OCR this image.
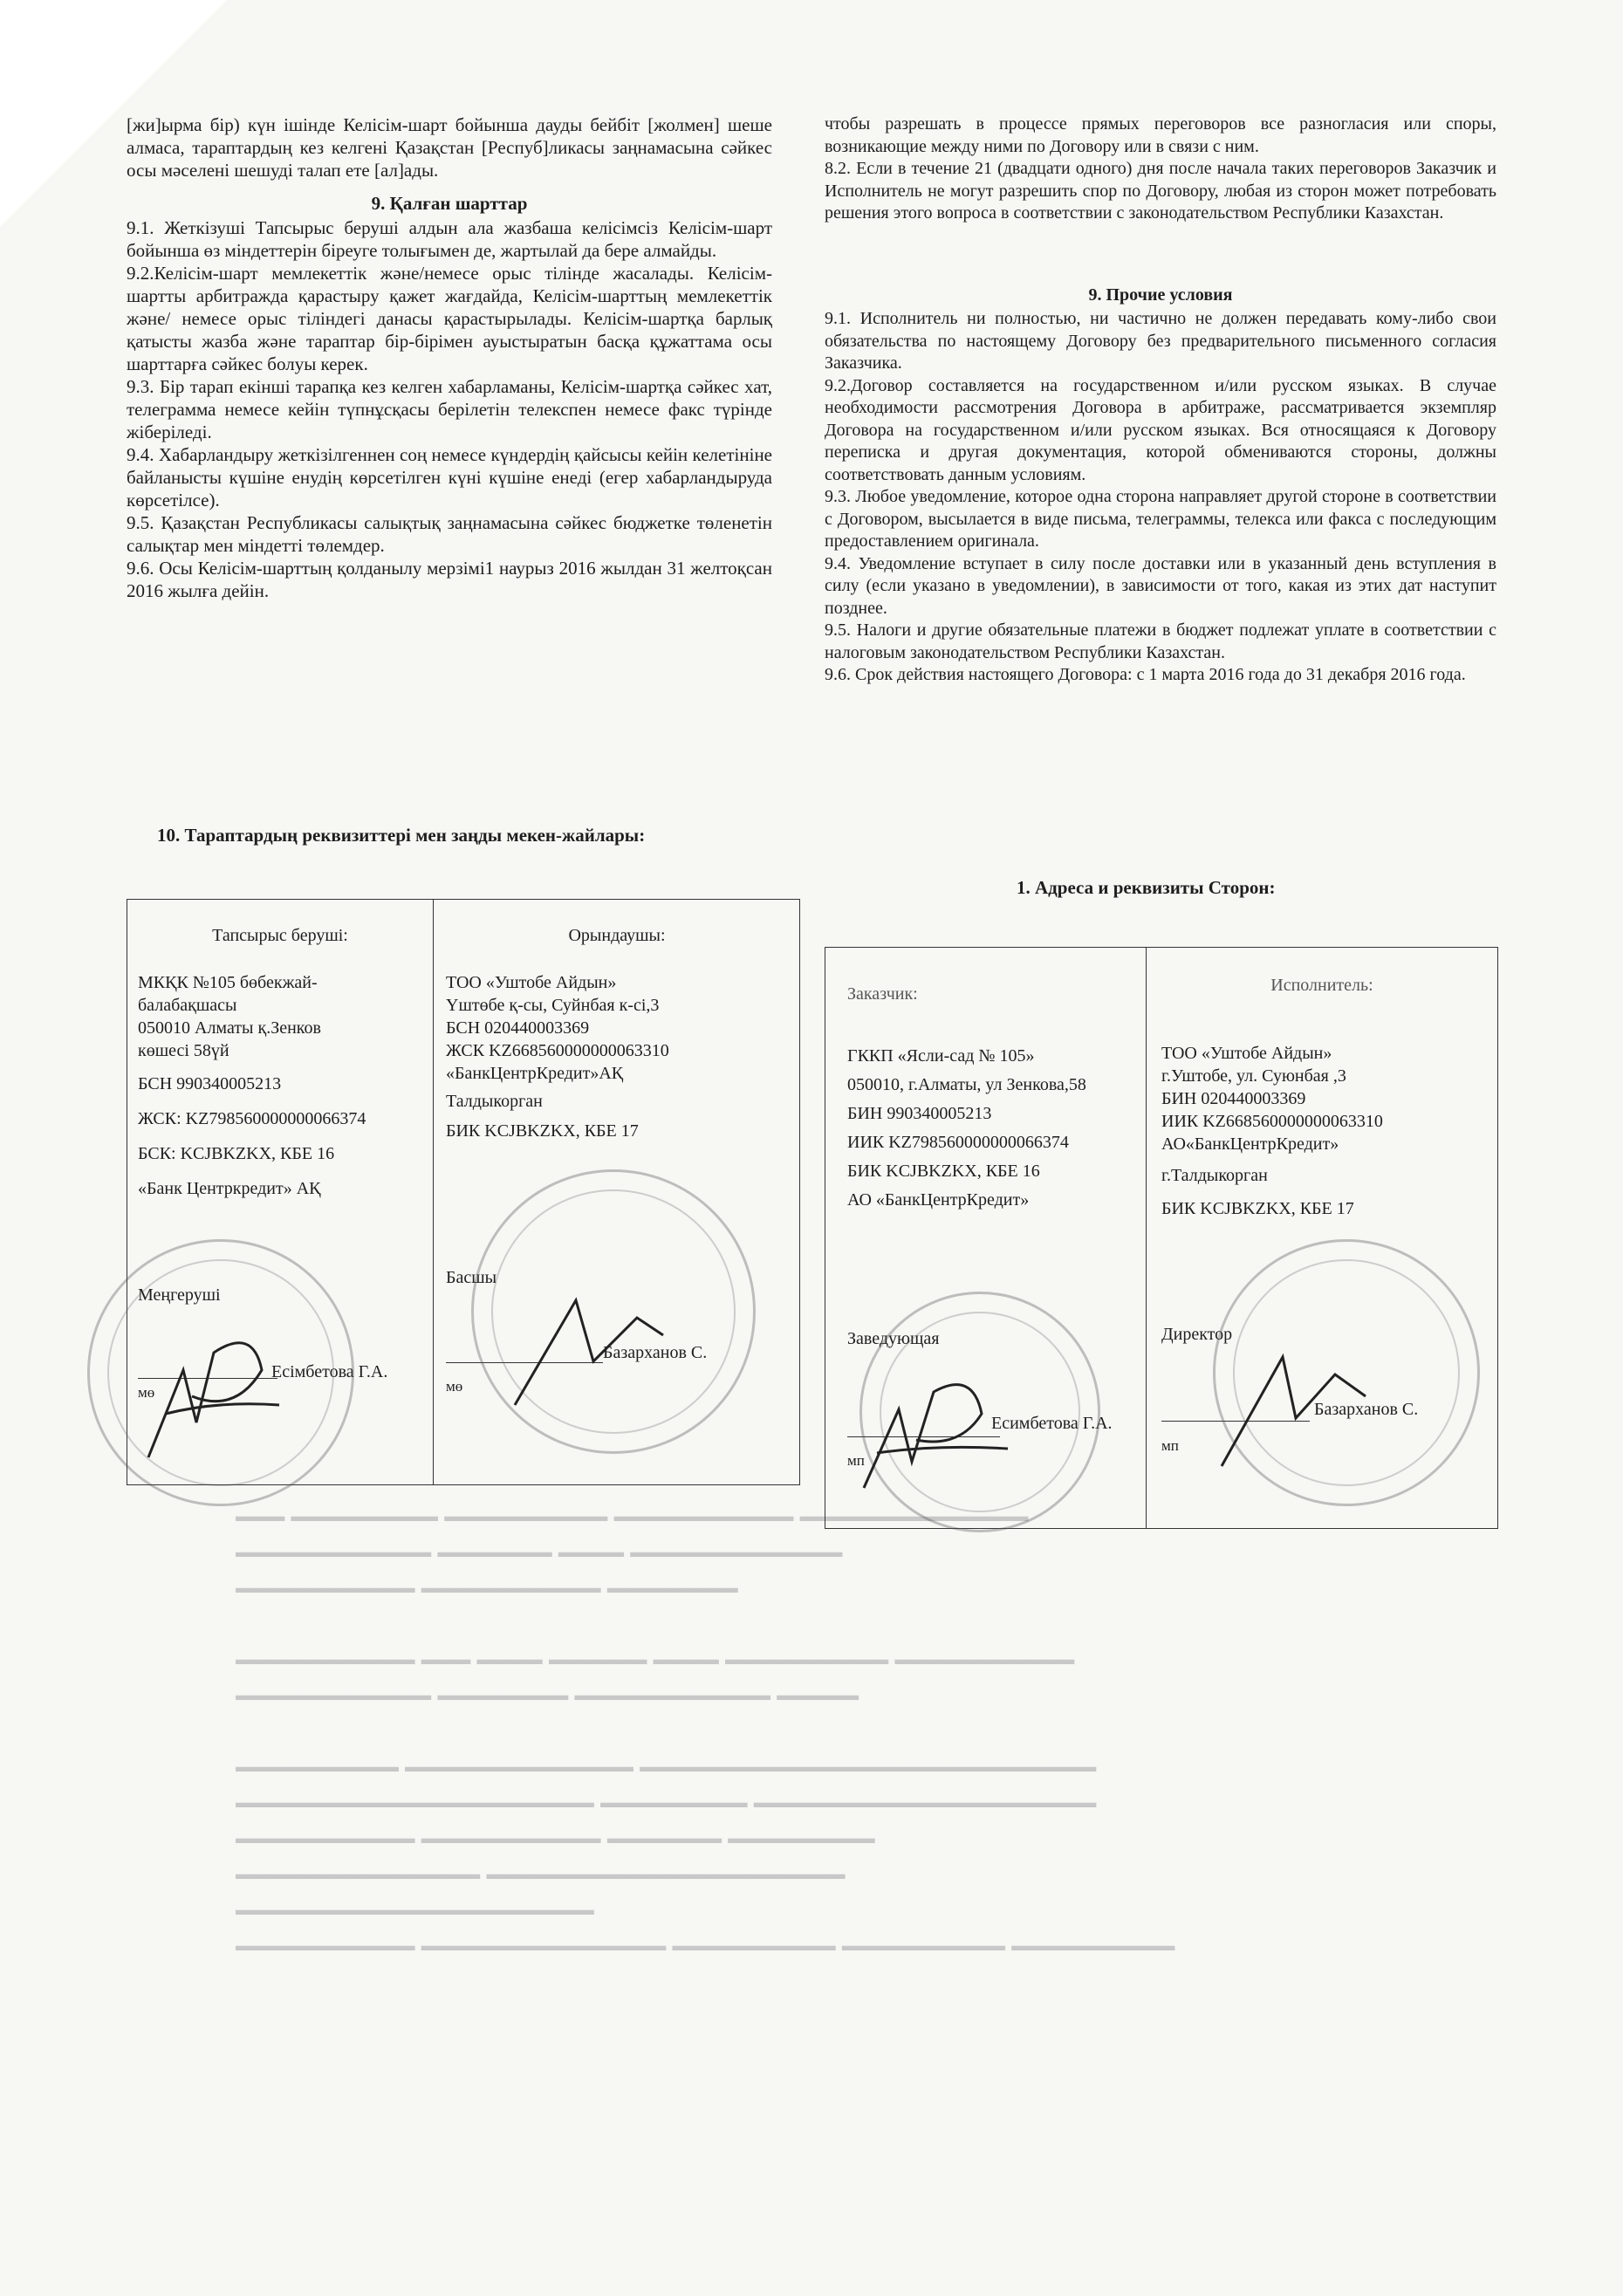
━━━ ━━━━━━━━━ ━━━━━━━━━━ ━━━━━━━━━━━ ━━━━━━━━━━━━━━
━━━━━━━━━━━━ ━━━━━━━ ━━━━ ━━━━━━━━━━━━━
━━━━━━━━━━━ ━━━━━━━━━━━ ━━━━━━━━

━━━━━━━━━━━ ━━━ ━━━━ ━━━━━━ ━━━━ ━━━━━━━━━━ ━━━━━━━━━━━
━━━━━━━━━━━━ ━━━━━━━━ ━━━━━━━━━━━━ ━━━━━

━━━━━━━━━━ ━━━━━━━━━━━━━━ ━━━━━━━━━━━━━━━━━━━━━━━━━━━━
━━━━━━━━━━━━━━━━━━━━━━ ━━━━━━━━━ ━━━━━━━━━━━━━━━━━━━━━
━━━━━━━━━━━ ━━━━━━━━━━━ ━━━━━━━ ━━━━━━━━━
━━━━━━━━━━━━━━━ ━━━━━━━━━━━━━━━━━━━━━━
━━━━━━━━━━━━━━━━━━━━━━
━━━━━━━━━━━ ━━━━━━━━━━━━━━━ ━━━━━━━━━━ ━━━━━━━━━━ ━━━━━━━━━━

[жи]ырма бір) күн ішінде Келісім-шарт бойынша дауды бейбіт [жолмен] шеше алмаса, тараптардың кез келгені Қазақстан [Респуб]ликасы заңнамасына сәйкес осы мәселені шешуді талап ете [ал]ады.

9. Қалған шарттар

9.1. Жеткізуші Тапсырыс беруші алдын ала жазбаша келісімсіз Келісім-шарт бойынша өз міндеттерін біреуге толығымен де, жартылай да бере алмайды.

9.2.Келісім-шарт мемлекеттік және/немесе орыс тілінде жасалады. Келісім-шартты арбитражда қарастыру қажет жағдайда, Келісім-шарттың мемлекеттік және/ немесе орыс тіліндегі данасы қарастырылады. Келісім-шартқа барлық қатысты жазба және тараптар бір-бірімен ауыстыратын басқа құжаттама осы шарттарға сәйкес болуы керек.

9.3. Бір тарап екінші тарапқа кез келген хабарламаны, Келісім-шартқа сәйкес хат, телеграмма немесе кейін түпнұсқасы берілетін телекспен немесе факс түрінде жіберіледі.

9.4. Хабарландыру жеткізілгеннен соң немесе күндердің қайсысы кейін келетініне байланысты күшіне енудің көрсетілген күні күшіне енеді (егер хабарландыруда көрсетілсе).

9.5. Қазақстан Республикасы салықтық заңнамасына сәйкес бюджетке төленетін салықтар мен міндетті төлемдер.

9.6. Осы Келісім-шарттың қолданылу мерзімі1 наурыз 2016 жылдан 31 желтоқсан 2016 жылға дейін.

чтобы разрешать в процессе прямых переговоров все разногласия или споры, возникающие между ними по Договору или в связи с ним.

8.2. Если в течение 21 (двадцати одного) дня после начала таких переговоров Заказчик и Исполнитель не могут разрешить спор по Договору, любая из сторон может потребовать решения этого вопроса в соответствии с законодательством Республики Казахстан.

9. Прочие условия

9.1. Исполнитель ни полностью, ни частично не должен передавать кому-либо свои обязательства по настоящему Договору без предварительного письменного согласия Заказчика.

9.2.Договор составляется на государственном и/или русском языках. В случае необходимости рассмотрения Договора в арбитраже, рассматривается экземпляр Договора на государственном и/или русском языках. Вся относящаяся к Договору переписка и другая документация, которой обмениваются стороны, должны соответствовать данным условиям.

9.3. Любое уведомление, которое одна сторона направляет другой стороне в соответствии с Договором, высылается в виде письма, телеграммы, телекса или факса с последующим предоставлением оригинала.

9.4. Уведомление вступает в силу после доставки или в указанный день вступления в силу (если указано в уведомлении), в зависимости от того, какая из этих дат наступит позднее.

9.5. Налоги и другие обязательные платежи в бюджет подлежат уплате в соответствии с налоговым законодательством Республики Казахстан.

9.6. Срок действия настоящего Договора: с 1 марта 2016 года до 31 декабря 2016 года.

10. Тараптардың реквизиттері мен заңды мекен-жайлары:
1. Адреса и реквизиты Сторон:
Тапсырыс беруші:	Орындаушы:
МКҚК №105 бөбекжай-
балабақшасы
050010 Алматы қ.Зенков
көшесі 58үй
БСН 990340005213
ЖСК: KZ798560000000066374
БСК: KCJBKZKX, КБЕ 16
«Банк Центркредит» АҚ
ТОО «Уштобе Айдын»
Үштөбе қ-сы, Суйнбая к-сі,3
БСН 020440003369
ЖСК KZ668560000000063310
«БанкЦентрКредит»АҚ
Талдыкорган
БИК KCJBKZKX, КБЕ 17
Меңгеруші
Есімбетова Г.А.
мө
Басшы
Базарханов С.
мө
Заказчик:	Исполнитель:
ГККП «Ясли-сад № 105»
050010, г.Алматы, ул Зенкова,58
БИН 990340005213
ИИК KZ798560000000066374
БИК KCJBKZKX, КБЕ 16
АО «БанкЦентрКредит»
ТОО «Уштобе Айдын»
г.Уштобе, ул. Суюнбая ,3
БИН 020440003369
ИИК KZ668560000000063310
АО«БанкЦентрКредит»
г.Талдыкорган
БИК KCJBKZKX, КБЕ 17
Заведующая
Есимбетова Г.А.
мп
Директор
Базарханов С.
мп
